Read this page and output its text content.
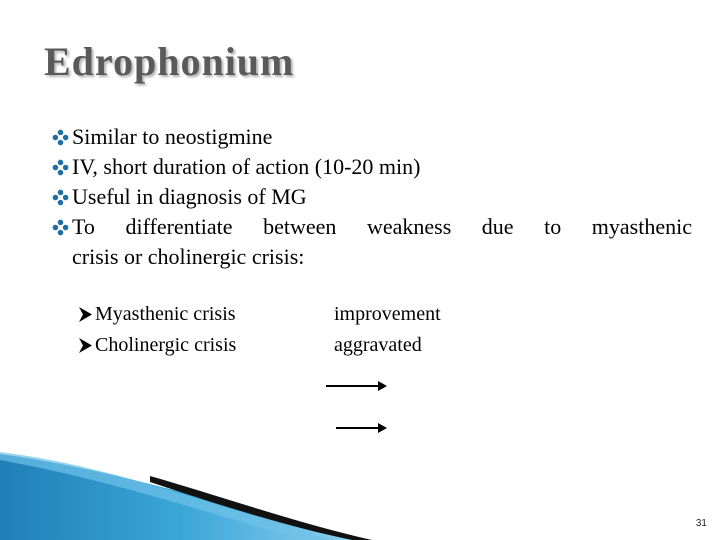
Edrophonium
Similar to neostigmine
IV, short duration of action (10-20 min)
Useful in diagnosis of MG
To differentiate between weakness due to myasthenic
crisis or cholinergic crisis:
Myasthenic crisis	improvement
Cholinergic crisis	aggravated
31
